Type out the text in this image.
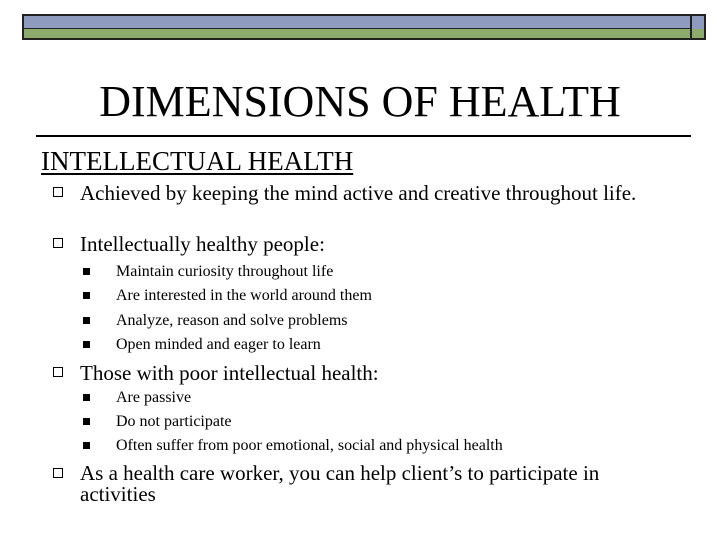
DIMENSIONS OF HEALTH
INTELLECTUAL HEALTH
Achieved by keeping the mind active and creative throughout life.
Intellectually healthy people:
Maintain curiosity throughout life
Are interested in the world around them
Analyze, reason and solve problems
Open minded and eager to learn
Those with poor intellectual health:
Are passive
Do not participate
Often suffer from poor emotional, social and physical health
As a health care worker, you can help client’s to participate in activities
